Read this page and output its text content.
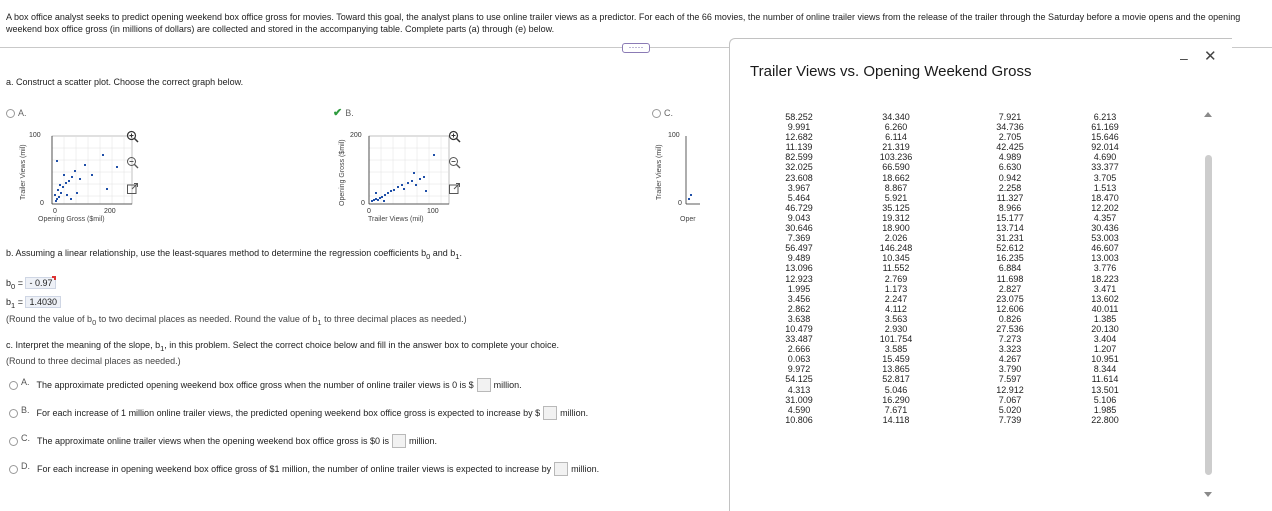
A box office analyst seeks to predict opening weekend box office gross for movies. Toward this goal, the analyst plans to use online trailer views as a predictor. For each of the 66 movies, the number of online trailer views from the release of the trailer through the Saturday before a movie opens and the opening weekend box office gross (in millions of dollars) are collected and stored in the accompanying table. Complete parts (a) through (e) below.
·····
a. Construct a scatter plot. Choose the correct graph below.
A.
Trailer Views (mil)
100
0
0	200
Opening Gross ($mil)
✔ B.
Opening Gross ($mil)
200
0
0	100
Trailer Views (mil)
C.
Trailer Views (mil)
100
0
Oper
b. Assuming a linear relationship, use the least-squares method to determine the regression coefficients $b_0$ and $b_1$.
$b_0$ = - 0.97
$b_1 = 1.4030$
(Round the value of $b_0$ to two decimal places as needed. Round the value of $b_1$ to three decimal places as needed.)
c. Interpret the meaning of the slope, $b_1$, in this problem. Select the correct choice below and fill in the answer box to complete your choice.
(Round to three decimal places as needed.)
A. The approximate predicted opening weekend box office gross when the number of online trailer views is 0 is $ million.
B. For each increase of 1 million online trailer views, the predicted opening weekend box office gross is expected to increase by $ million.
C. The approximate online trailer views when the opening weekend box office gross is $0 is million.
D. For each increase in opening weekend box office gross of $1 million, the number of online trailer views is expected to increase by million.
Trailer Views vs. Opening Weekend Gross
– ✕
58.252
9.991
12.682
11.139
82.599
32.025
23.608
3.967
5.464
46.729
9.043
30.646
7.369
56.497
9.489
13.096
12.923
1.995
3.456
2.862
3.638
10.479
33.487
2.666
0.063
9.972
54.125
4.313
31.009
4.590
10.806
34.340
6.260
6.114
21.319
103.236
66.590
18.662
8.867
5.921
35.125
19.312
18.900
2.026
146.248
10.345
11.552
2.769
1.173
2.247
4.112
3.563
2.930
101.754
3.585
15.459
13.865
52.817
5.046
16.290
7.671
14.118
7.921
34.736
2.705
42.425
4.989
6.630
0.942
2.258
11.327
8.966
15.177
13.714
31.231
52.612
16.235
6.884
11.698
2.827
23.075
12.606
0.826
27.536
7.273
3.323
4.267
3.790
7.597
12.912
7.067
5.020
7.739
6.213
61.169
15.646
92.014
4.690
33.377
3.705
1.513
18.470
12.202
4.357
30.436
53.003
46.607
13.003
3.776
18.223
3.471
13.602
40.011
1.385
20.130
3.404
1.207
10.951
8.344
11.614
13.501
5.106
1.985
22.800
